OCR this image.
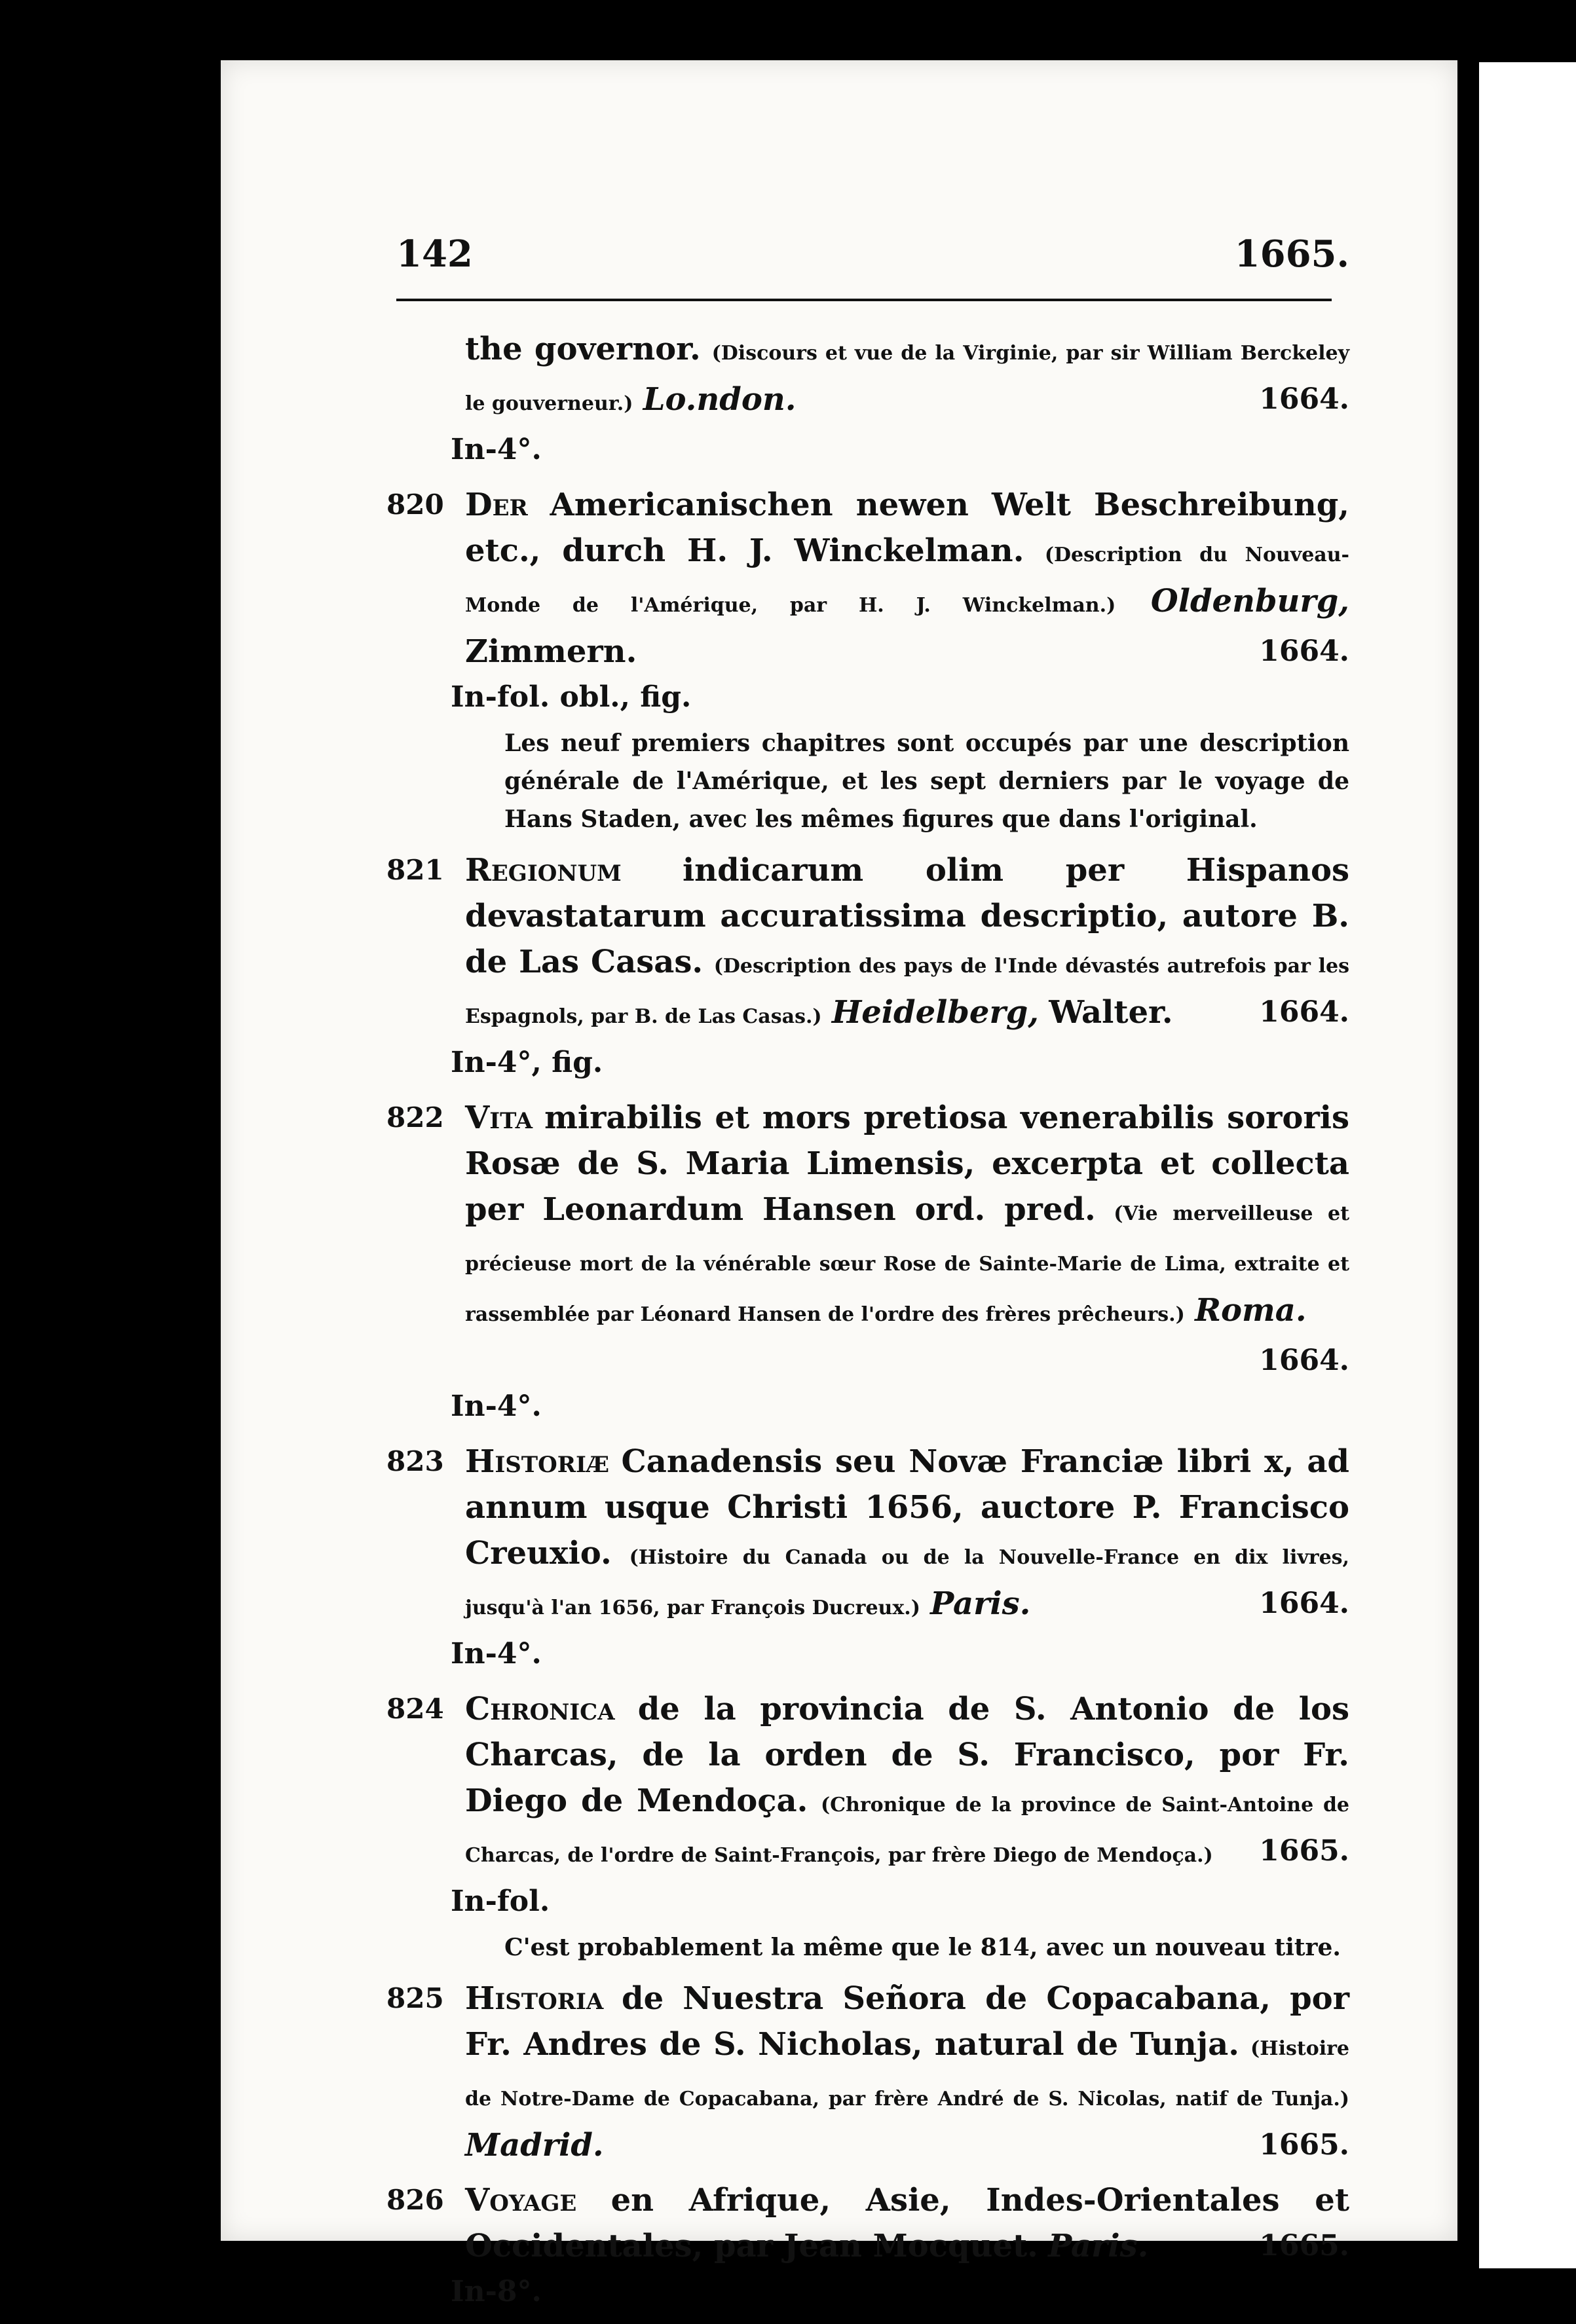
142	1665.
the governor. (Discours et vue de la Virginie, par sir William Berckeley le gouverneur.) Lo.ndon.	1664.
In-4°.
820 Der Americanischen newen Welt Beschreibung, etc., durch H. J. Winckelman. (Description du Nouveau-Monde de l'Amérique, par H. J. Winckelman.) Oldenburg, Zimmern.	1664.
In-fol. obl., fig.
Les neuf premiers chapitres sont occupés par une description générale de l'Amérique, et les sept derniers par le voyage de Hans Staden, avec les mêmes figures que dans l'original.
821 Regionum indicarum olim per Hispanos devastatarum accuratissima descriptio, autore B. de Las Casas. (Description des pays de l'Inde dévastés autrefois par les Espagnols, par B. de Las Casas.) Heidelberg, Walter.	1664.
In-4°, fig.
822 Vita mirabilis et mors pretiosa venerabilis sororis Rosæ de S. Maria Limensis, excerpta et collecta per Leonardum Hansen ord. pred. (Vie merveilleuse et précieuse mort de la vénérable sœur Rose de Sainte-Marie de Lima, extraite et rassemblée par Léonard Hansen de l'ordre des frères prêcheurs.) Roma.
1664.
In-4°.
823 Historiæ Canadensis seu Novæ Franciæ libri x, ad annum usque Christi 1656, auctore P. Francisco Creuxio. (Histoire du Canada ou de la Nouvelle-France en dix livres, jusqu'à l'an 1656, par François Ducreux.) Paris.	1664.
In-4°.
824 Chronica de la provincia de S. Antonio de los Charcas, de la orden de S. Francisco, por Fr. Diego de Mendoça. (Chronique de la province de Saint-Antoine de Charcas, de l'ordre de Saint-François, par frère Diego de Mendoça.) 1665.
In-fol.
C'est probablement la même que le 814, avec un nouveau titre.
825 Historia de Nuestra Señora de Copacabana, por Fr. Andres de S. Nicholas, natural de Tunja. (Histoire de Notre-Dame de Copacabana, par frère André de S. Nicolas, natif de Tunja.) Madrid.	1665.
826 Voyage en Afrique, Asie, Indes-Orientales et Occidentales, par Jean Mocquet. Paris.	1665.
In-8°.
